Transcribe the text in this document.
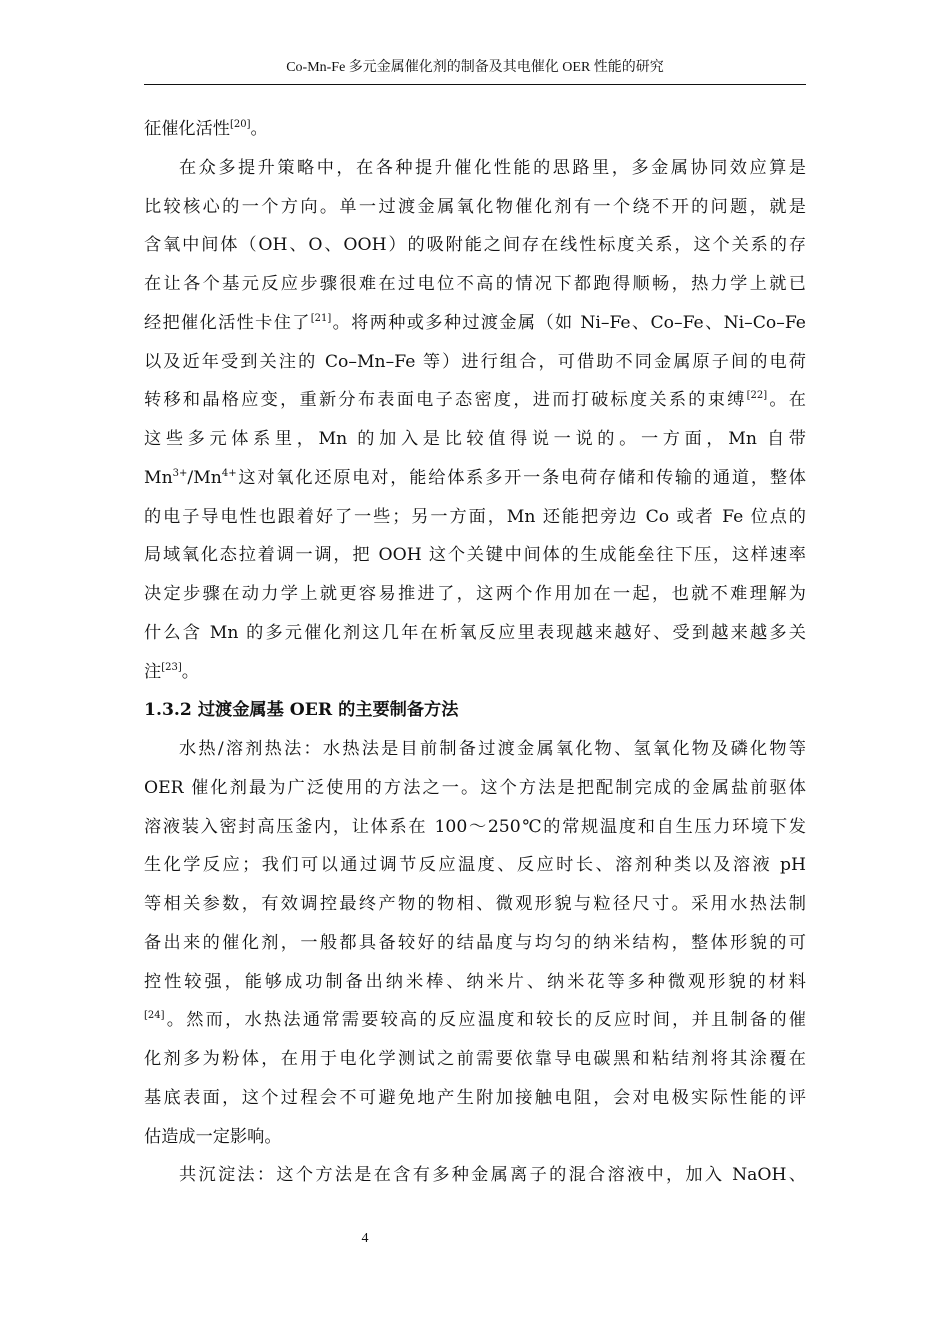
Co-Mn-Fe 多元金属催化剂的制备及其电催化 OER 性能的研究
征催化活性[20]。
在众多提升策略中，在各种提升催化性能的思路里，多金属协同效应算是
比较核心的一个方向。单一过渡金属氧化物催化剂有一个绕不开的问题，就是
含氧中间体（OH、O、OOH）的吸附能之间存在线性标度关系，这个关系的存
在让各个基元反应步骤很难在过电位不高的情况下都跑得顺畅，热力学上就已
经把催化活性卡住了[21]。将两种或多种过渡金属（如 Ni–Fe、Co–Fe、Ni–Co–Fe
以及近年受到关注的 Co–Mn–Fe 等）进行组合，可借助不同金属原子间的电荷
转移和晶格应变，重新分布表面电子态密度，进而打破标度关系的束缚[22]。在
这些多元体系里，Mn 的加入是比较值得说一说的。一方面，Mn 自带
$Mn^{3+}/Mn^{4+}$这对氧化还原电对，能给体系多开一条电荷存储和传输的通道，整体
的电子导电性也跟着好了一些；另一方面，Mn 还能把旁边 Co 或者 Fe 位点的
局域氧化态拉着调一调，把 OOH 这个关键中间体的生成能垒往下压，这样速率
决定步骤在动力学上就更容易推进了，这两个作用加在一起，也就不难理解为
什么含 Mn 的多元催化剂这几年在析氧反应里表现越来越好、受到越来越多关
注[23]。
1.3.2 过渡金属基 OER 的主要制备方法
水热/溶剂热法：水热法是目前制备过渡金属氧化物、氢氧化物及磷化物等
OER 催化剂最为广泛使用的方法之一。这个方法是把配制完成的金属盐前驱体
溶液装入密封高压釜内，让体系在 100～250℃的常规温度和自生压力环境下发
生化学反应；我们可以通过调节反应温度、反应时长、溶剂种类以及溶液 pH
等相关参数，有效调控最终产物的物相、微观形貌与粒径尺寸。采用水热法制
备出来的催化剂，一般都具备较好的结晶度与均匀的纳米结构，整体形貌的可
控性较强，能够成功制备出纳米棒、纳米片、纳米花等多种微观形貌的材料
[24]。然而，水热法通常需要较高的反应温度和较长的反应时间，并且制备的催
化剂多为粉体，在用于电化学测试之前需要依靠导电碳黑和粘结剂将其涂覆在
基底表面，这个过程会不可避免地产生附加接触电阻，会对电极实际性能的评
估造成一定影响。
共沉淀法：这个方法是在含有多种金属离子的混合溶液中，加入 NaOH、
4
